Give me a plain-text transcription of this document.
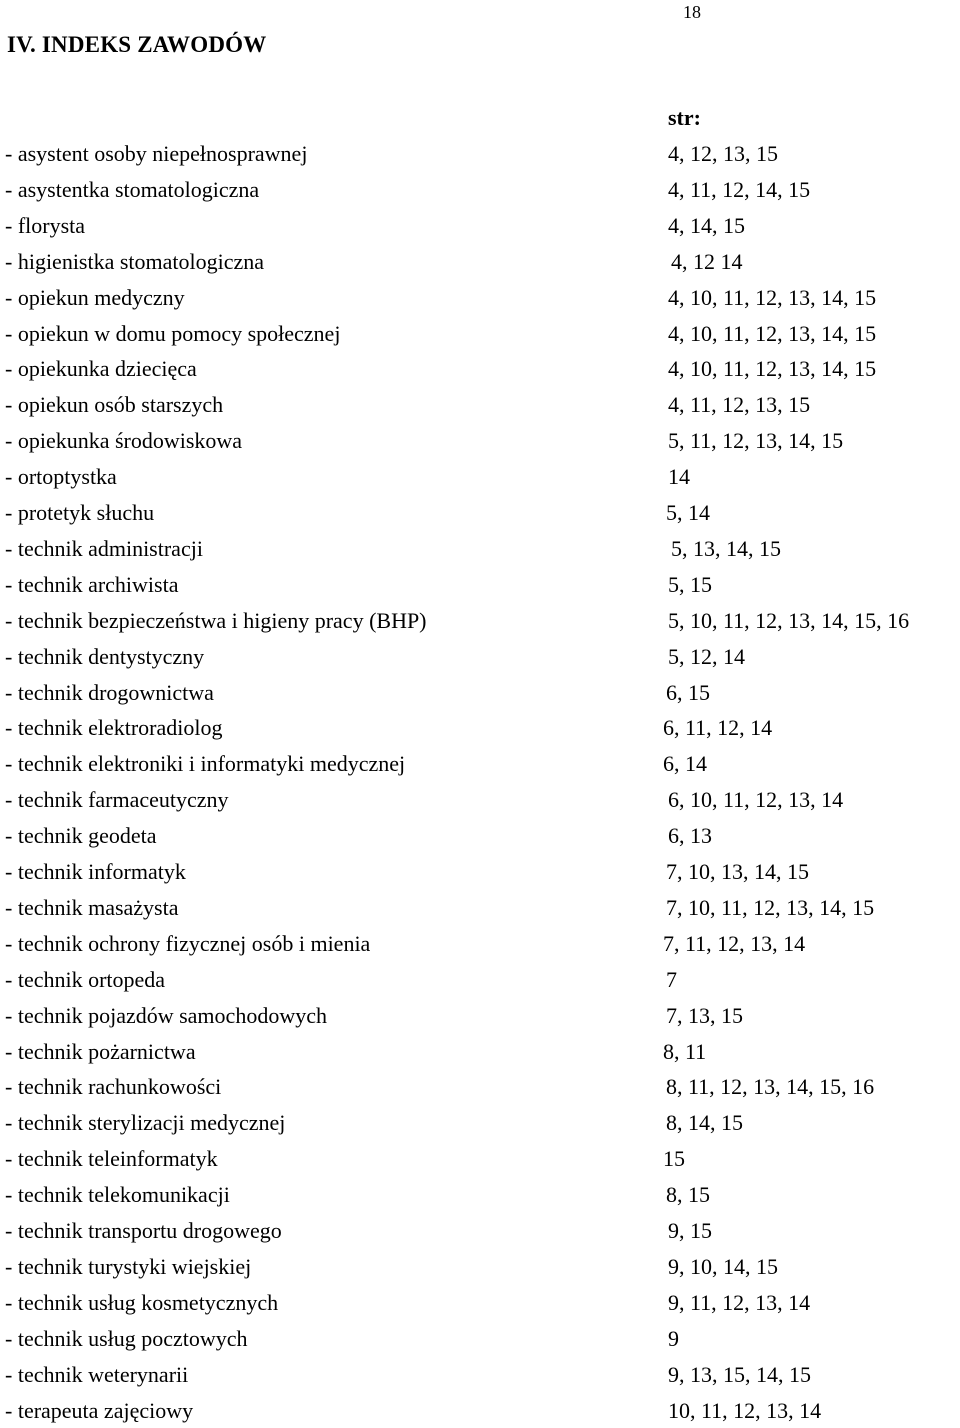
18
IV. INDEKS ZAWODÓW
str:
- asystent osoby niepełnosprawnej	4, 12, 13, 15
- asystentka stomatologiczna	4, 11, 12, 14, 15
- florysta	4, 14, 15
- higienistka stomatologiczna	4, 12 14
- opiekun medyczny	4, 10, 11, 12, 13, 14, 15
- opiekun w domu pomocy społecznej	4, 10, 11, 12, 13, 14, 15
- opiekunka dziecięca	4, 10, 11, 12, 13, 14, 15
- opiekun osób starszych	4, 11, 12, 13, 15
- opiekunka środowiskowa	5, 11, 12, 13, 14, 15
- ortoptystka	14
- protetyk słuchu	5, 14
- technik administracji	5, 13, 14, 15
- technik archiwista	5, 15
- technik bezpieczeństwa i higieny pracy (BHP)	5, 10, 11, 12, 13, 14, 15, 16
- technik dentystyczny	5, 12, 14
- technik drogownictwa	6, 15
- technik elektroradiolog	6, 11, 12, 14
- technik elektroniki i informatyki medycznej	6, 14
- technik farmaceutyczny	6, 10, 11, 12, 13, 14
- technik geodeta	6, 13
- technik informatyk	7, 10, 13, 14, 15
- technik masażysta	7, 10, 11, 12, 13, 14, 15
- technik ochrony fizycznej osób i mienia	7, 11, 12, 13, 14
- technik ortopeda	7
- technik pojazdów samochodowych	7, 13, 15
- technik pożarnictwa	8, 11
- technik rachunkowości	8, 11, 12, 13, 14, 15, 16
- technik sterylizacji medycznej	8, 14, 15
- technik teleinformatyk	15
- technik telekomunikacji	8, 15
- technik transportu drogowego	9, 15
- technik turystyki wiejskiej	9, 10, 14, 15
- technik usług kosmetycznych	9, 11, 12, 13, 14
- technik usług pocztowych	9
- technik weterynarii	9, 13, 15, 14, 15
- terapeuta zajęciowy	10, 11, 12, 13, 14
